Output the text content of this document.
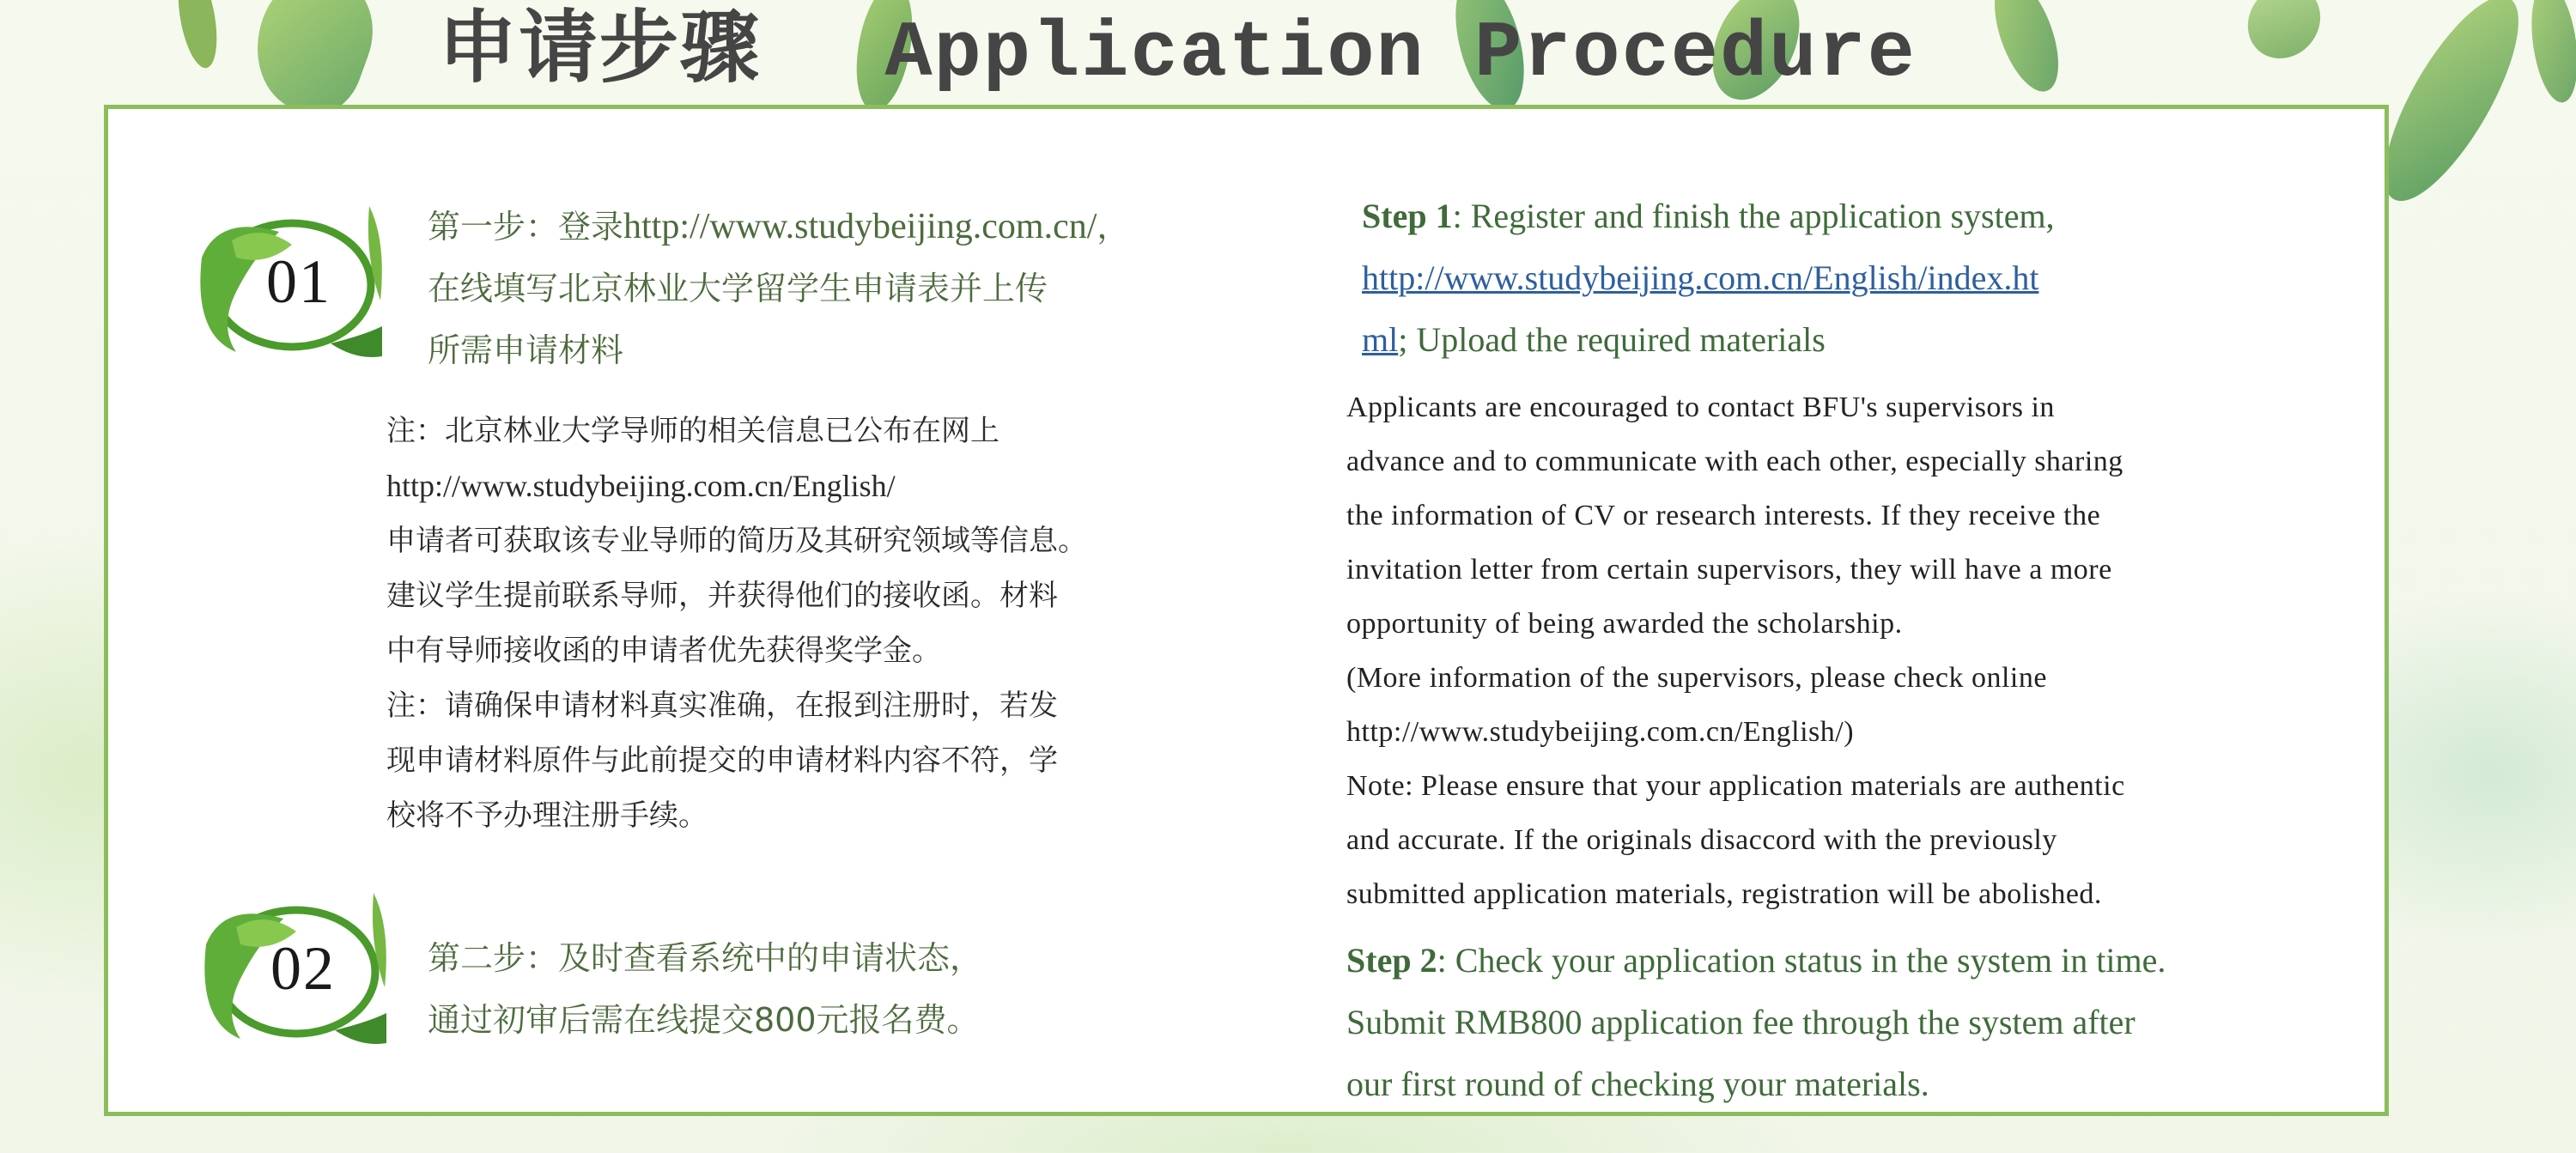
申请步骤 Application Procedure
01
第一步：登录http://www.studybeijing.com.cn/，
在线填写北京林业大学留学生申请表并上传
所需申请材料
注：北京林业大学导师的相关信息已公布在网上
http://www.studybeijing.com.cn/English/
申请者可获取该专业导师的简历及其研究领域等信息。
建议学生提前联系导师，并获得他们的接收函。材料
中有导师接收函的申请者优先获得奖学金。
注：请确保申请材料真实准确，在报到注册时，若发
现申请材料原件与此前提交的申请材料内容不符，学
校将不予办理注册手续。
02	第二步：及时查看系统中的申请状态，
通过初审后需在线提交800元报名费。
Step 1: Register and finish the application system,
http://www.studybeijing.com.cn/English/index.ht
ml; Upload the required materials
Applicants are encouraged to contact BFU's supervisors in
advance and to communicate with each other, especially sharing
the information of CV or research interests. If they receive the
invitation letter from certain supervisors, they will have a more
opportunity of being awarded the scholarship.
(More information of the supervisors, please check online
http://www.studybeijing.com.cn/English/)
Note: Please ensure that your application materials are authentic
and accurate. If the originals disaccord with the previously
submitted application materials, registration will be abolished.
Step 2: Check your application status in the system in time.
Submit RMB800 application fee through the system after
our first round of checking your materials.
